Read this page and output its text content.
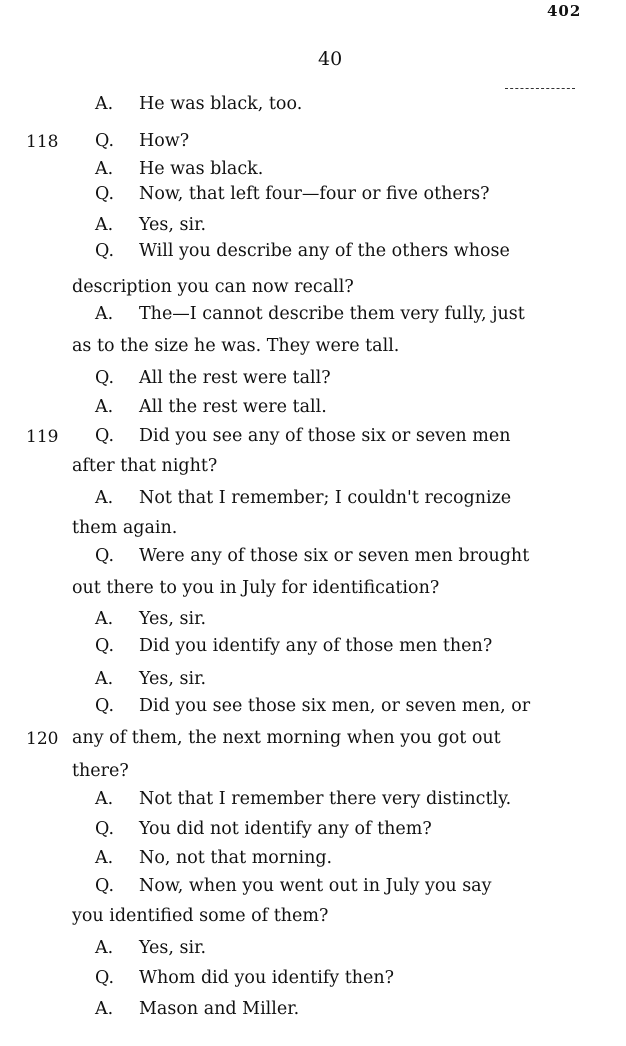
402
40
A. He was black, too.
Q. How?
118
A. He was black.
Q. Now, that left four—four or five others?
A. Yes, sir.
Q. Will you describe any of the others whose
description you can now recall?
A. The—I cannot describe them very fully, just
as to the size he was. They were tall.
Q. All the rest were tall?
A. All the rest were tall.
Q. Did you see any of those six or seven men
119
after that night?
A. Not that I remember; I couldn't recognize
them again.
Q. Were any of those six or seven men brought
out there to you in July for identification?
A. Yes, sir.
Q. Did you identify any of those men then?
A. Yes, sir.
Q. Did you see those six men, or seven men, or
any of them, the next morning when you got out
120
there?
A. Not that I remember there very distinctly.
Q. You did not identify any of them?
A. No, not that morning.
Q. Now, when you went out in July you say
you identified some of them?
A. Yes, sir.
Q. Whom did you identify then?
A. Mason and Miller.
